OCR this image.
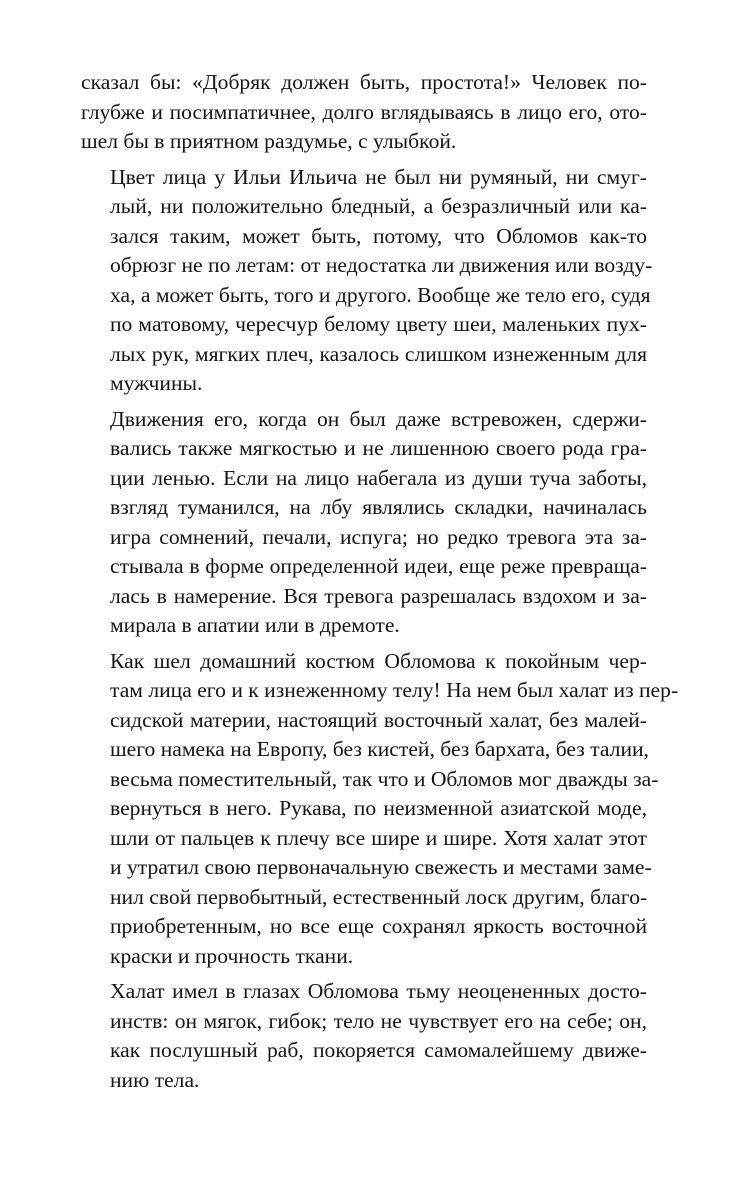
сказал бы: «Добряк должен быть, простота!» Человек по-
глубже и посимпатичнее, долго вглядываясь в лицо его, ото-
шел бы в приятном раздумье, с улыбкой.

Цвет лица у Ильи Ильича не был ни румяный, ни смуг-
лый, ни положительно бледный, а безразличный или ка-
зался таким, может быть, потому, что Обломов как-то
обрюзг не по летам: от недостатка ли движения или возду-
ха, а может быть, того и другого. Вообще же тело его, судя
по матовому, чересчур белому цвету шеи, маленьких пух-
лых рук, мягких плеч, казалось слишком изнеженным для
мужчины.

Движения его, когда он был даже встревожен, сдержи-
вались также мягкостью и не лишенною своего рода гра-
ции ленью. Если на лицо набегала из души туча заботы,
взгляд туманился, на лбу являлись складки, начиналась
игра сомнений, печали, испуга; но редко тревога эта за-
стывала в форме определенной идеи, еще реже превраща-
лась в намерение. Вся тревога разрешалась вздохом и за-
мирала в апатии или в дремоте.

Как шел домашний костюм Обломова к покойным чер-
там лица его и к изнеженному телу! На нем был халат из пер-
сидской материи, настоящий восточный халат, без малей-
шего намека на Европу, без кистей, без бархата, без талии,
весьма поместительный, так что и Обломов мог дважды за-
вернуться в него. Рукава, по неизменной азиатской моде,
шли от пальцев к плечу все шире и шире. Хотя халат этот
и утратил свою первоначальную свежесть и местами заме-
нил свой первобытный, естественный лоск другим, благо-
приобретенным, но все еще сохранял яркость восточной
краски и прочность ткани.

Халат имел в глазах Обломова тьму неоцененных досто-
инств: он мягок, гибок; тело не чувствует его на себе; он,
как послушный раб, покоряется самомалейшему движе-
нию тела.
